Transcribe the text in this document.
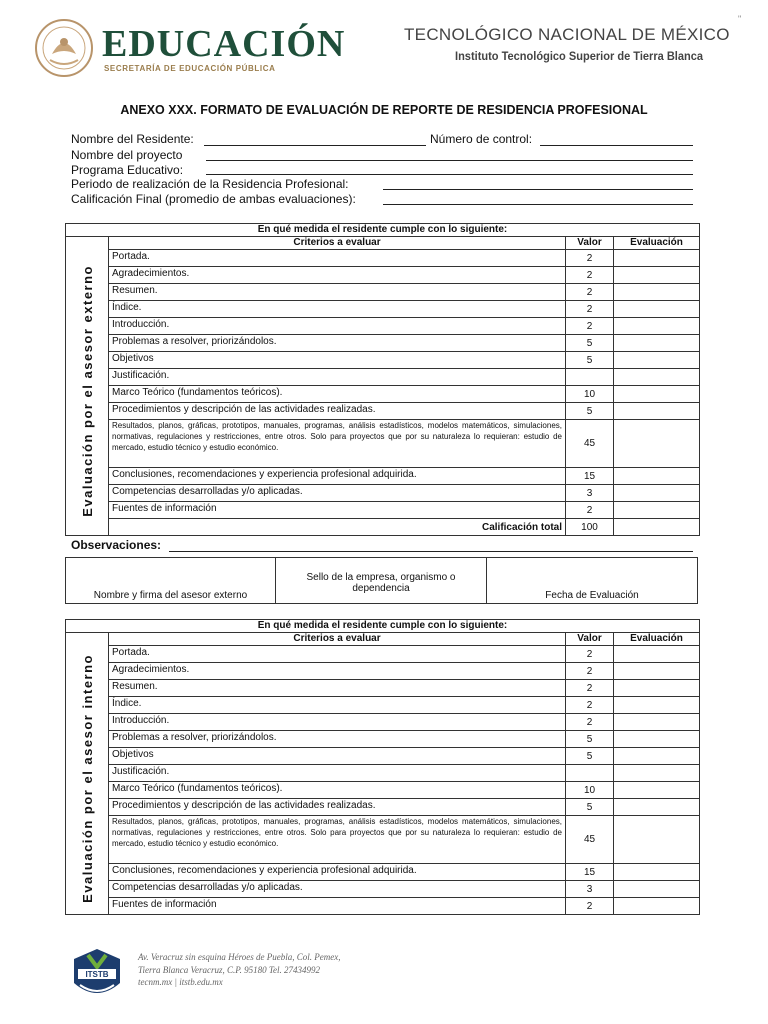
EDUCACIÓN
SECRETARÍA DE EDUCACIÓN PÚBLICA
TECNOLÓGICO NACIONAL DE MÉXICO
Instituto Tecnológico Superior de Tierra Blanca
"
ANEXO XXX. FORMATO DE EVALUACIÓN DE REPORTE DE RESIDENCIA PROFESIONAL
Nombre del Residente:	Número de control:
Nombre del proyecto
Programa Educativo:
Periodo de realización de la Residencia Profesional:
Calificación Final (promedio de ambas evaluaciones):
En qué medida el residente cumple con lo siguiente:			
	Criterios a evaluar	Valor	Evaluación
Evaluación por el asesor externo	Portada.	2	
	Agradecimientos.	2	
	Resumen.	2	
	Índice.	2	
	Introducción.	2	
	Problemas a resolver, priorizándolos.	5	
	Objetivos	5	
	Justificación.		
	Marco Teórico (fundamentos teóricos).	10	
	Procedimientos y descripción de las actividades realizadas.	5	
	Resultados, planos, gráficas, prototipos, manuales, programas, análisis estadísticos, modelos matemáticos, simulaciones, normativas, regulaciones y restricciones, entre otros. Solo para proyectos que por su naturaleza lo requieran: estudio de mercado, estudio técnico y estudio económico.	45	
	Conclusiones, recomendaciones y experiencia profesional adquirida.	15	
	Competencias desarrolladas y/o aplicadas.	3	
	Fuentes de información	2	
	Calificación total	100	
Observaciones:
Nombre y firma del asesor externo	Sello de la empresa, organismo o dependencia	Fecha de Evaluación
En qué medida el residente cumple con lo siguiente:			
	Criterios a evaluar	Valor	Evaluación
Evaluación por el asesor interno	Portada.	2	
	Agradecimientos.	2	
	Resumen.	2	
	Índice.	2	
	Introducción.	2	
	Problemas a resolver, priorizándolos.	5	
	Objetivos	5	
	Justificación.		
	Marco Teórico (fundamentos teóricos).	10	
	Procedimientos y descripción de las actividades realizadas.	5	
	Resultados, planos, gráficas, prototipos, manuales, programas, análisis estadísticos, modelos matemáticos, simulaciones, normativas, regulaciones y restricciones, entre otros. Solo para proyectos que por su naturaleza lo requieran: estudio de mercado, estudio técnico y estudio económico.	45	
	Conclusiones, recomendaciones y experiencia profesional adquirida.	15	
	Competencias desarrolladas y/o aplicadas.	3	
	Fuentes de información	2	
ITSTB
Av. Veracruz sin esquina Héroes de Puebla, Col. Pemex,
Tierra Blanca Veracruz, C.P. 95180 Tel. 27434992
tecnm.mx | itstb.edu.mx
